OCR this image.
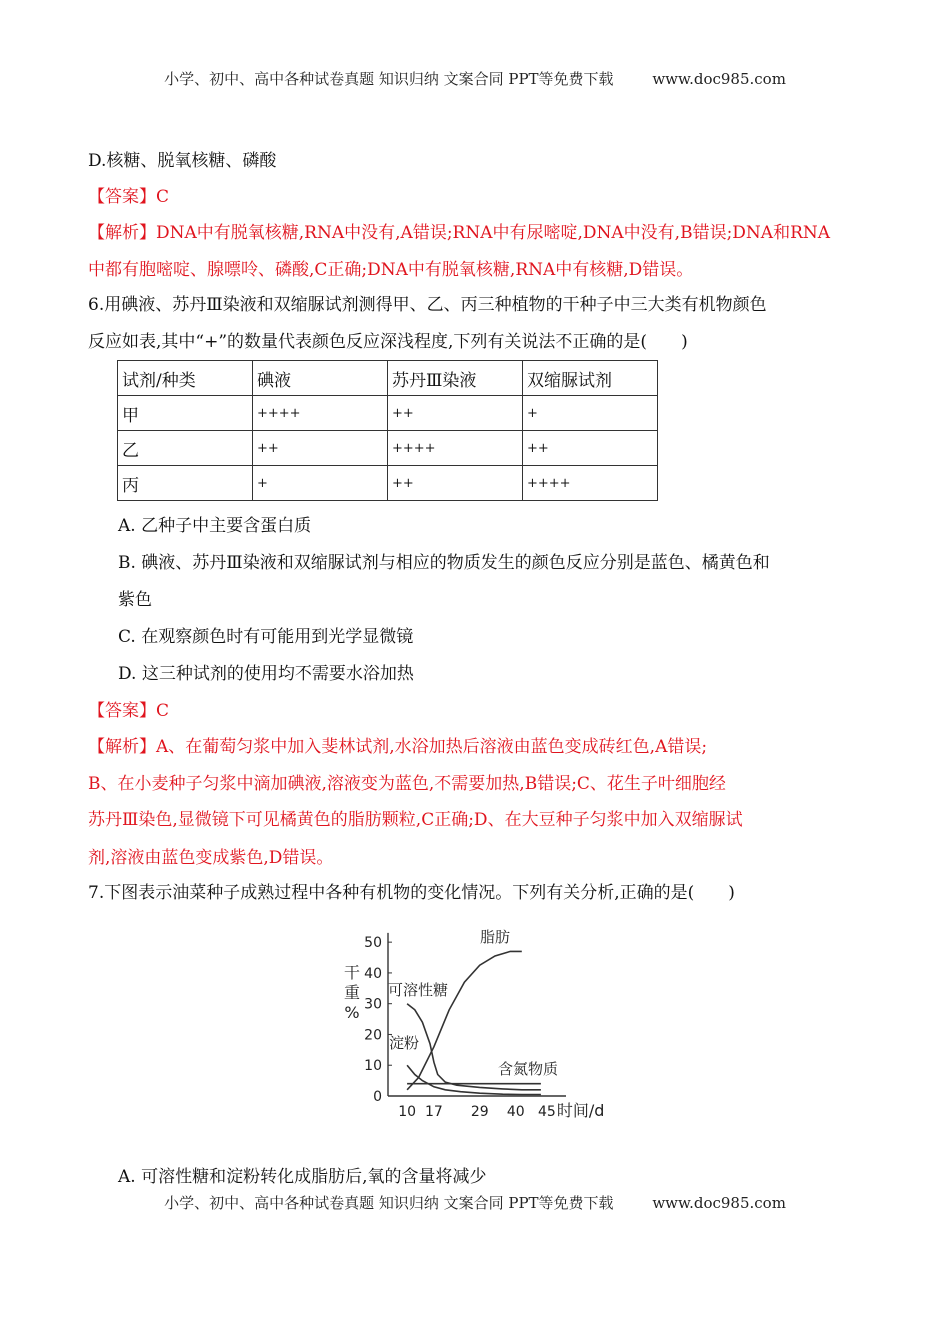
小学、初中、高中各种试卷真题 知识归纳 文案合同 PPT等免费下载	www.doc985.com
D.核糖、脱氧核糖、磷酸
【答案】C
【解析】DNA中有脱氧核糖,RNA中没有,A错误;RNA中有尿嘧啶,DNA中没有,B错误;DNA和RNA
中都有胞嘧啶、腺嘌呤、磷酸,C正确;DNA中有脱氧核糖,RNA中有核糖,D错误。
6.用碘液、苏丹Ⅲ染液和双缩脲试剂测得甲、乙、丙三种植物的干种子中三大类有机物颜色
反应如表,其中“+”的数量代表颜色反应深浅程度,下列有关说法不正确的是(　　)
试剂/种类	碘液	苏丹Ⅲ染液	双缩脲试剂
甲	++++	++	+
乙	++	++++	++
丙	+	++	++++
A. 乙种子中主要含蛋白质
B. 碘液、苏丹Ⅲ染液和双缩脲试剂与相应的物质发生的颜色反应分别是蓝色、橘黄色和
紫色
C. 在观察颜色时有可能用到光学显微镜
D. 这三种试剂的使用均不需要水浴加热
【答案】C
【解析】A、在葡萄匀浆中加入斐林试剂,水浴加热后溶液由蓝色变成砖红色,A错误;
B、在小麦种子匀浆中滴加碘液,溶液变为蓝色,不需要加热,B错误;C、花生子叶细胞经
苏丹Ⅲ染色,显微镜下可见橘黄色的脂肪颗粒,C正确;D、在大豆种子匀浆中加入双缩脲试
剂,溶液由蓝色变成紫色,D错误。
7.下图表示油菜种子成熟过程中各种有机物的变化情况。下列有关分析,正确的是(　　)
0
10
20
30
40
50
10 17 29 40 45 时间/d
干
重
%
脂肪
可溶性糖
淀粉
含氮物质
A. 可溶性糖和淀粉转化成脂肪后,氧的含量将减少
小学、初中、高中各种试卷真题 知识归纳 文案合同 PPT等免费下载	www.doc985.com
